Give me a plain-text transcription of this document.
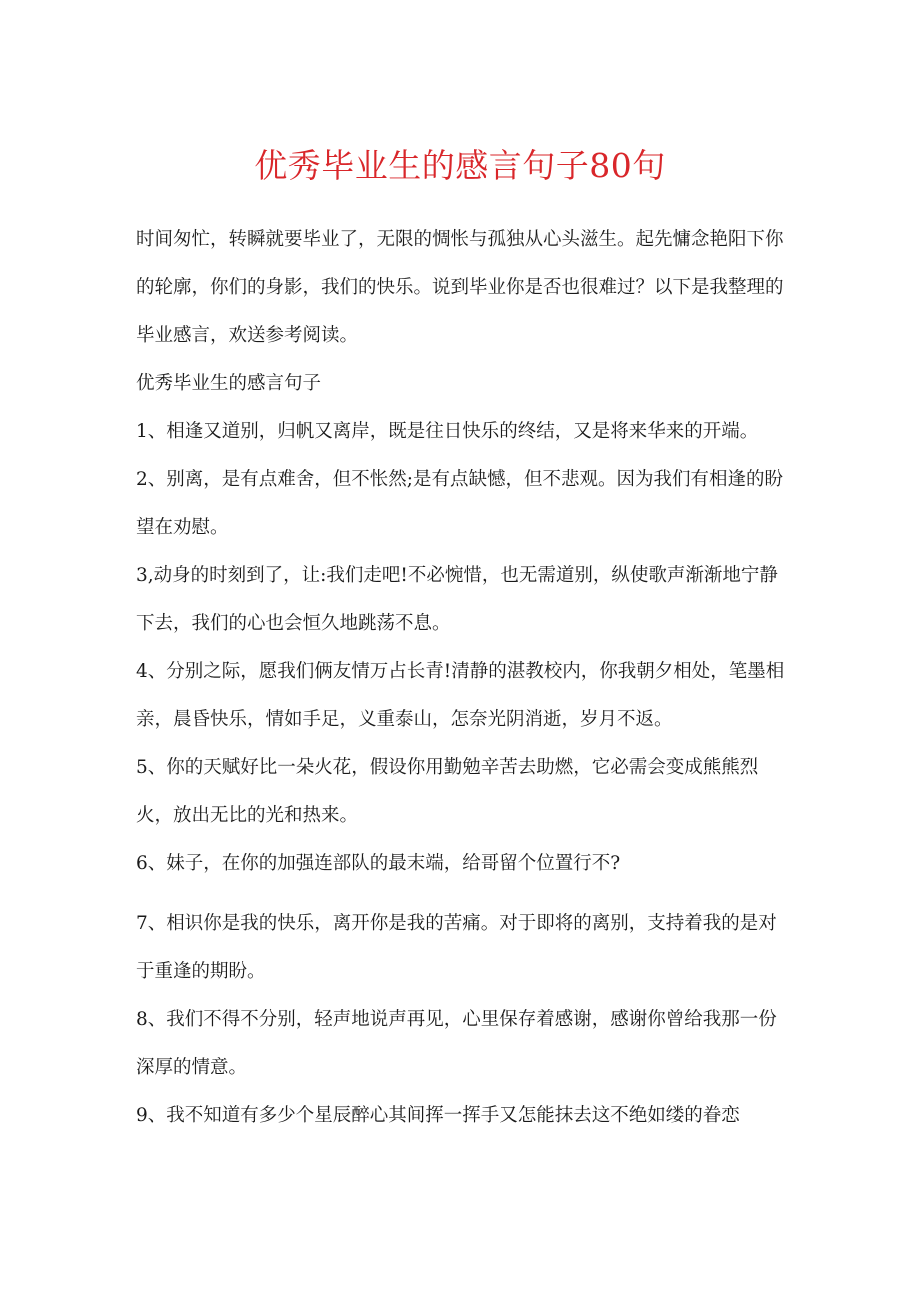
优秀毕业生的感言句子80句

时间匆忙，转瞬就要毕业了，无限的惆怅与孤独从心头滋生。起先慵念艳阳下你的轮廓，你们的身影，我们的快乐。说到毕业你是否也很难过？以下是我整理的毕业感言，欢送参考阅读。

优秀毕业生的感言句子

1、相逢又道别，归帆又离岸，既是往日快乐的终结，又是将来华来的开端。

2、别离，是有点难舍，但不怅然;是有点缺憾，但不悲观。因为我们有相逢的盼望在劝慰。

3,动身的时刻到了，让:我们走吧!不必惋惜，也无需道别，纵使歌声渐渐地宁静下去，我们的心也会恒久地跳荡不息。

4、分别之际，愿我们俩友情万占长青!清静的湛教校内，你我朝夕相处，笔墨相亲，晨昏快乐，情如手足，义重泰山，怎奈光阴消逝，岁月不返。

5、你的天赋好比一朵火花，假设你用勤勉辛苦去助燃，它必需会变成熊熊烈火，放出无比的光和热来。

6、妹子，在你的加强连部队的最末端，给哥留个位置行不?

7、相识你是我的快乐，离开你是我的苦痛。对于即将的离别，支持着我的是对于重逢的期盼。

8、我们不得不分别，轻声地说声再见，心里保存着感谢，感谢你曾给我那一份深厚的情意。

9、我不知道有多少个星辰醉心其间挥一挥手又怎能抹去这不绝如缕的眷恋
